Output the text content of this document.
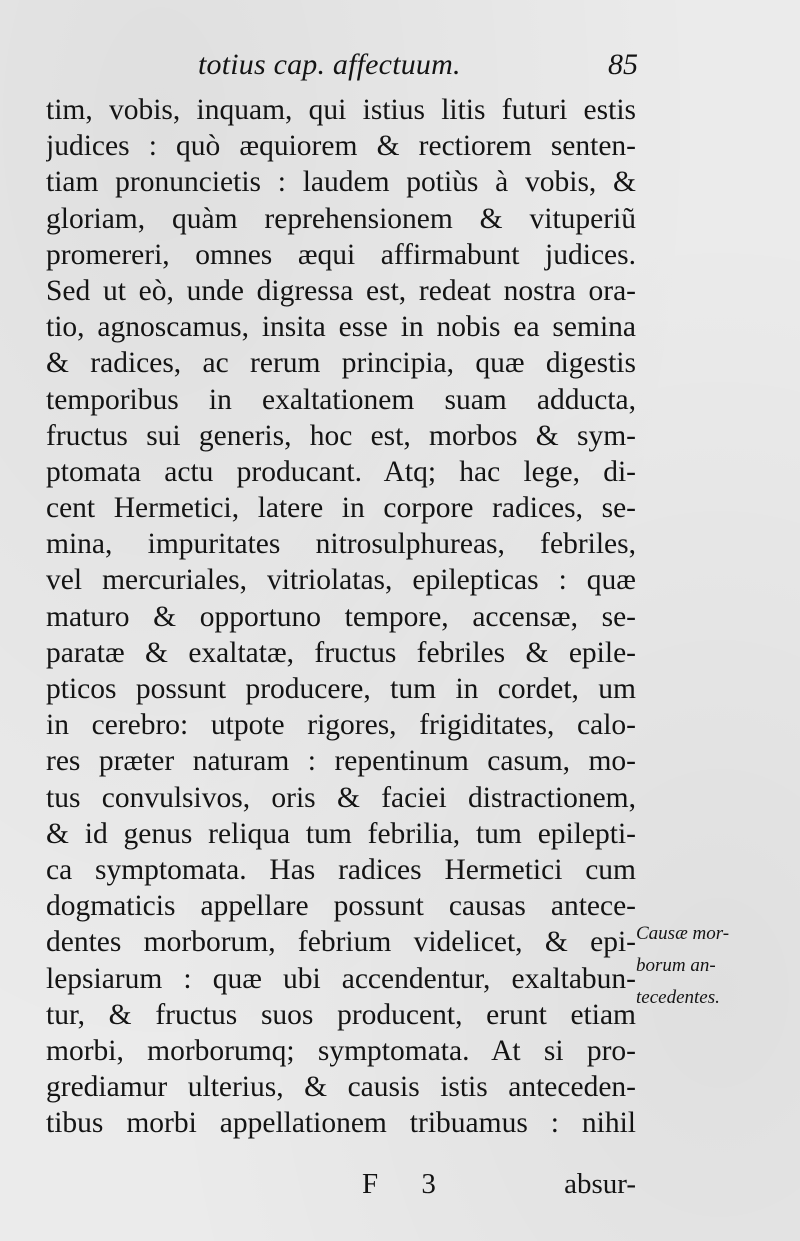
totius cap. affectuum.	85
tim, vobis, inquam, qui istius litis futuri estis
judices : quò æquiorem & rectiorem senten-
tiam pronuncietis : laudem potiùs à vobis, &
gloriam, quàm reprehensionem & vituperiũ
promereri, omnes æqui affirmabunt judices.
Sed ut eò, unde digressa est, redeat nostra ora-
tio, agnoscamus, insita esse in nobis ea semina
& radices, ac rerum principia, quæ digestis
temporibus in exaltationem suam adducta,
fructus sui generis, hoc est, morbos & sym-
ptomata actu producant. Atq; hac lege, di-
cent Hermetici, latere in corpore radices, se-
mina, impuritates nitrosulphureas, febriles,
vel mercuriales, vitriolatas, epilepticas : quæ
maturo & opportuno tempore, accensæ, se-
paratæ & exaltatæ, fructus febriles & epile-
pticos possunt producere, tum in cordet, um
in cerebro: utpote rigores, frigiditates, calo-
res præter naturam : repentinum casum, mo-
tus convulsivos, oris & faciei distractionem,
& id genus reliqua tum febrilia, tum epilepti-
ca symptomata. Has radices Hermetici cum
dogmaticis appellare possunt causas antece-
dentes morborum, febrium videlicet, & epi-
lepsiarum : quæ ubi accendentur, exaltabun-
tur, & fructus suos producent, erunt etiam
morbi, morborumq; symptomata. At si pro-
grediamur ulterius, & causis istis anteceden-
tibus morbi appellationem tribuamus : nihil
Causæ mor-
borum an-
tecedentes.
F 3	absur-
